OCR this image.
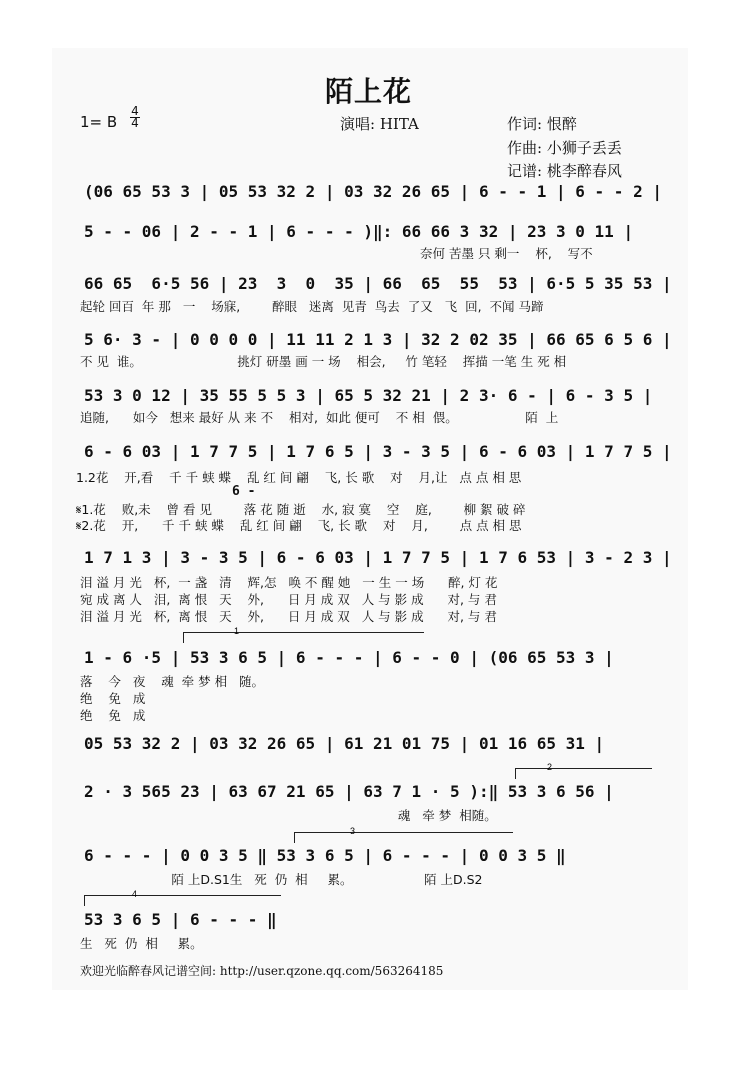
陌上花
1= B
4

4	演唱: HITA	作词: 恨醉
作曲: 小狮子丢丢
记谱: 桃李醉春风
(06 65 53 3 | 05 53 32 2 | 03 32 26 65 | 6 - - 1 | 6 - - 2 |
5 - - 06 | 2 - - 1 | 6 - - - )‖: 66 66 3 32 | 23 3 0 11 |
奈何 苦墨 只 剩一    杯,    写不
66 65  6·5 56 | 23  3  0  35 | 66  65  55  53 | 6·5 5 35 53 |
起轮 回百  年 那   一    场寐,        醉眼   迷离  见青  鸟去  了又   飞  回,  不闻 马蹄
5 6· 3 - | 0 0 0 0 | 11 11 2 1 3 | 32 2 02 35 | 66 65 6 5 6 |
不 见  谁。                        挑灯 研墨 画 一 场    相会,     竹 笔轻    挥描 一笔 生 死 相
53 3 0 12 | 35 55 5 5 3 | 65 5 32 21 | 2 3· 6 - | 6 - 3 5 |
追随,      如今   想来 最好 从 来 不    相对,  如此 便可    不 相  偎。                 陌  上
6 - 6 03 | 1 7 7 5 | 1 7 6 5 | 3 - 3 5 | 6 - 6 03 | 1 7 7 5 |
1.2花    开,看    千 千 蛱 蝶    乱 红 间 翩    飞, 长 歌    对    月,让   点 点 相 思
6 -
𝄋1.花    败,未    曾 看 见        落 花 随 逝    水, 寂 寞    空    庭,        柳 絮 破 碎
𝄋2.花    开,      千 千 蛱 蝶    乱 红 间 翩    飞, 长 歌    对    月,        点 点 相 思
1 7 1 3 | 3 - 3 5 | 6 - 6 03 | 1 7 7 5 | 1 7 6 53 | 3 - 2 3 |
泪 溢 月 光   杯,  一 盏   清    辉,怎   唤 不 醒 她   一 生 一 场      醉, 灯 花
宛 成 离 人   泪,  离 恨   天    外,      日 月 成 双   人 与 影 成      对, 与 君
泪 溢 月 光   杯,  离 恨   天    外,      日 月 成 双   人 与 影 成      对, 与 君
1
1 - 6 ·5 | 53 3 6 5 | 6 - - - | 6 - - 0 | (06 65 53 3 |
落    今   夜    魂  牵 梦 相   随。
绝    免   成
绝    免   成
05 53 32 2 | 03 32 26 65 | 61 21 01 75 | 01 16 65 31 |
2
2 · 3 565 23 | 63 67 21 65 | 63 7 1 · 5 ):‖ 53 3 6 56 |
魂   牵 梦  相随。
3
6 - - - | 0 0 3 5 ‖ 53 3 6 5 | 6 - - - | 0 0 3 5 ‖
陌 上D.S1生   死  仍  相     累。                  陌 上D.S2
4
53 3 6 5 | 6 - - - ‖
生   死  仍  相     累。
欢迎光临醉春风记谱空间: http://user.qzone.qq.com/563264185
